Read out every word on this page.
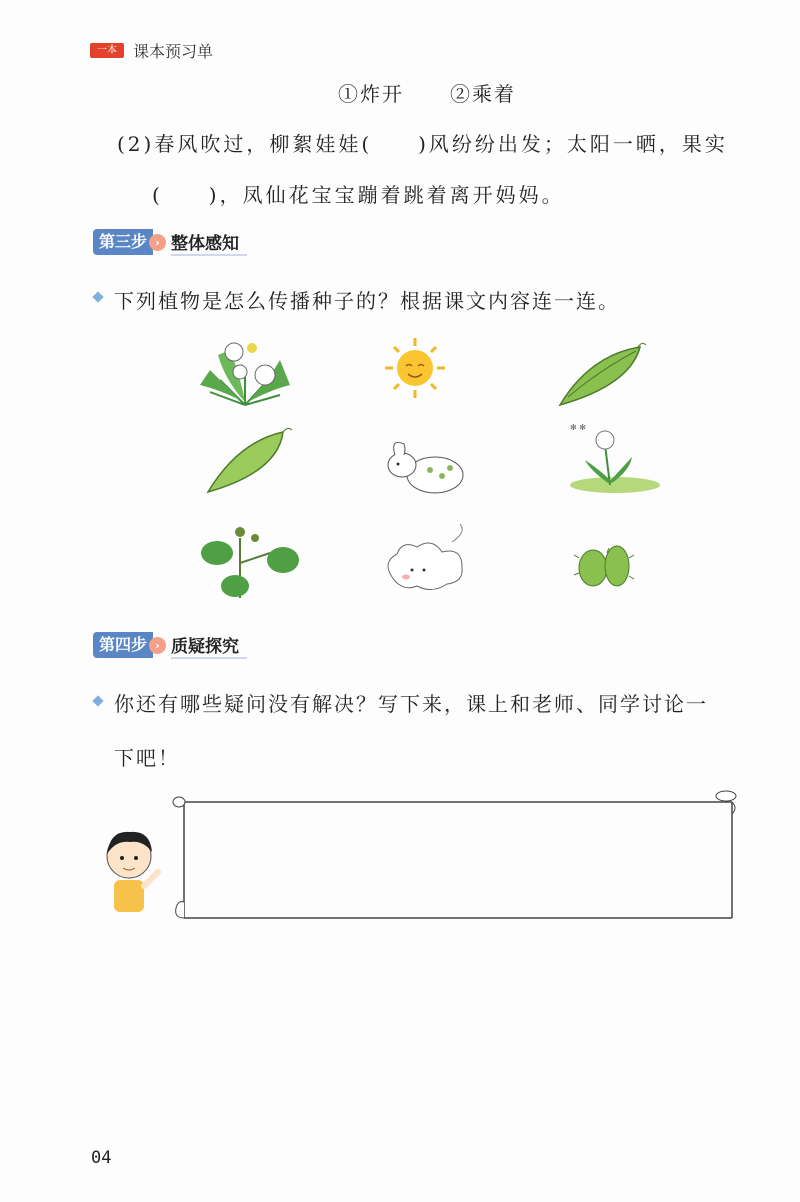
一本	课本预习单
①炸开 ②乘着
(2)春风吹过，柳絮娃娃(　　)风纷纷出发；太阳一晒，果实
(　　)，凤仙花宝宝蹦着跳着离开妈妈。
第三步 › 整体感知
下列植物是怎么传播种子的？根据课文内容连一连。
✻ ✻
第四步 › 质疑探究
你还有哪些疑问没有解决？写下来，课上和老师、同学讨论一
下吧！
04
